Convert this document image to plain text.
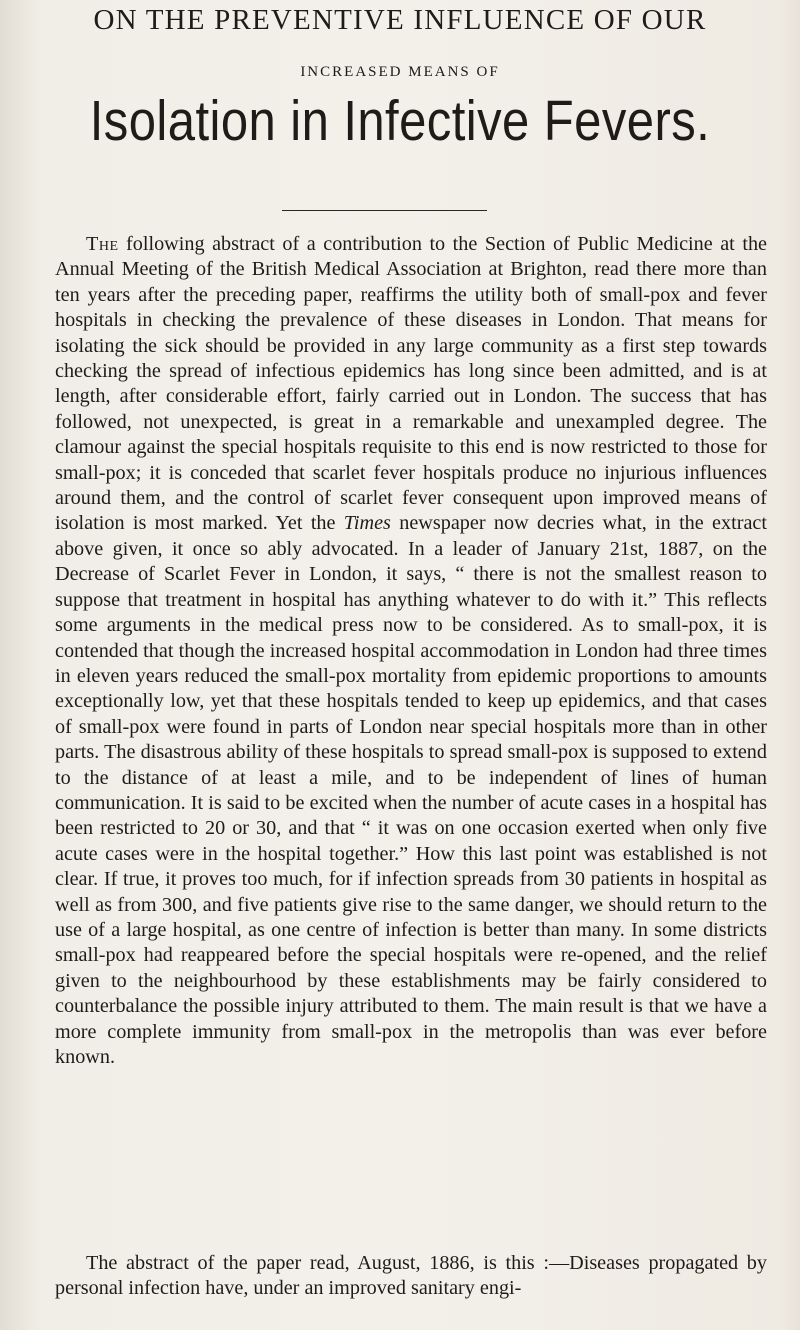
ON THE PREVENTIVE INFLUENCE OF OUR
INCREASED MEANS OF
Isolation in Infective Fevers.

The following abstract of a contribution to the Section of Public Medicine at the Annual Meeting of the British Medical Association at Brighton, read there more than ten years after the preceding paper, reaffirms the utility both of small-pox and fever hospitals in checking the prevalence of these diseases in London. That means for isolating the sick should be provided in any large community as a first step towards checking the spread of infectious epidemics has long since been admitted, and is at length, after considerable effort, fairly carried out in London. The success that has followed, not unexpected, is great in a remarkable and unexampled degree. The clamour against the special hospitals requisite to this end is now restricted to those for small-pox; it is conceded that scarlet fever hospitals produce no injurious influences around them, and the control of scarlet fever consequent upon improved means of isolation is most marked. Yet the Times newspaper now decries what, in the extract above given, it once so ably advocated. In a leader of January 21st, 1887, on the Decrease of Scarlet Fever in London, it says, “ there is not the smallest reason to suppose that treatment in hospital has anything whatever to do with it.” This reflects some arguments in the medical press now to be considered. As to small-pox, it is contended that though the increased hospital accommodation in London had three times in eleven years reduced the small-pox mortality from epidemic proportions to amounts exceptionally low, yet that these hospitals tended to keep up epidemics, and that cases of small-pox were found in parts of London near special hospitals more than in other parts. The disastrous ability of these hospitals to spread small-pox is supposed to extend to the distance of at least a mile, and to be independent of lines of human communication. It is said to be excited when the number of acute cases in a hospital has been restricted to 20 or 30, and that “ it was on one occasion exerted when only five acute cases were in the hospital together.” How this last point was established is not clear. If true, it proves too much, for if infection spreads from 30 patients in hospital as well as from 300, and five patients give rise to the same danger, we should return to the use of a large hospital, as one centre of infection is better than many. In some districts small-pox had reappeared before the special hospitals were re-opened, and the relief given to the neighbourhood by these establishments may be fairly considered to counterbalance the possible injury attributed to them. The main result is that we have a more complete immunity from small-pox in the metropolis than was ever before known.

The abstract of the paper read, August, 1886, is this :—Diseases propagated by personal infection have, under an improved sanitary engi-
